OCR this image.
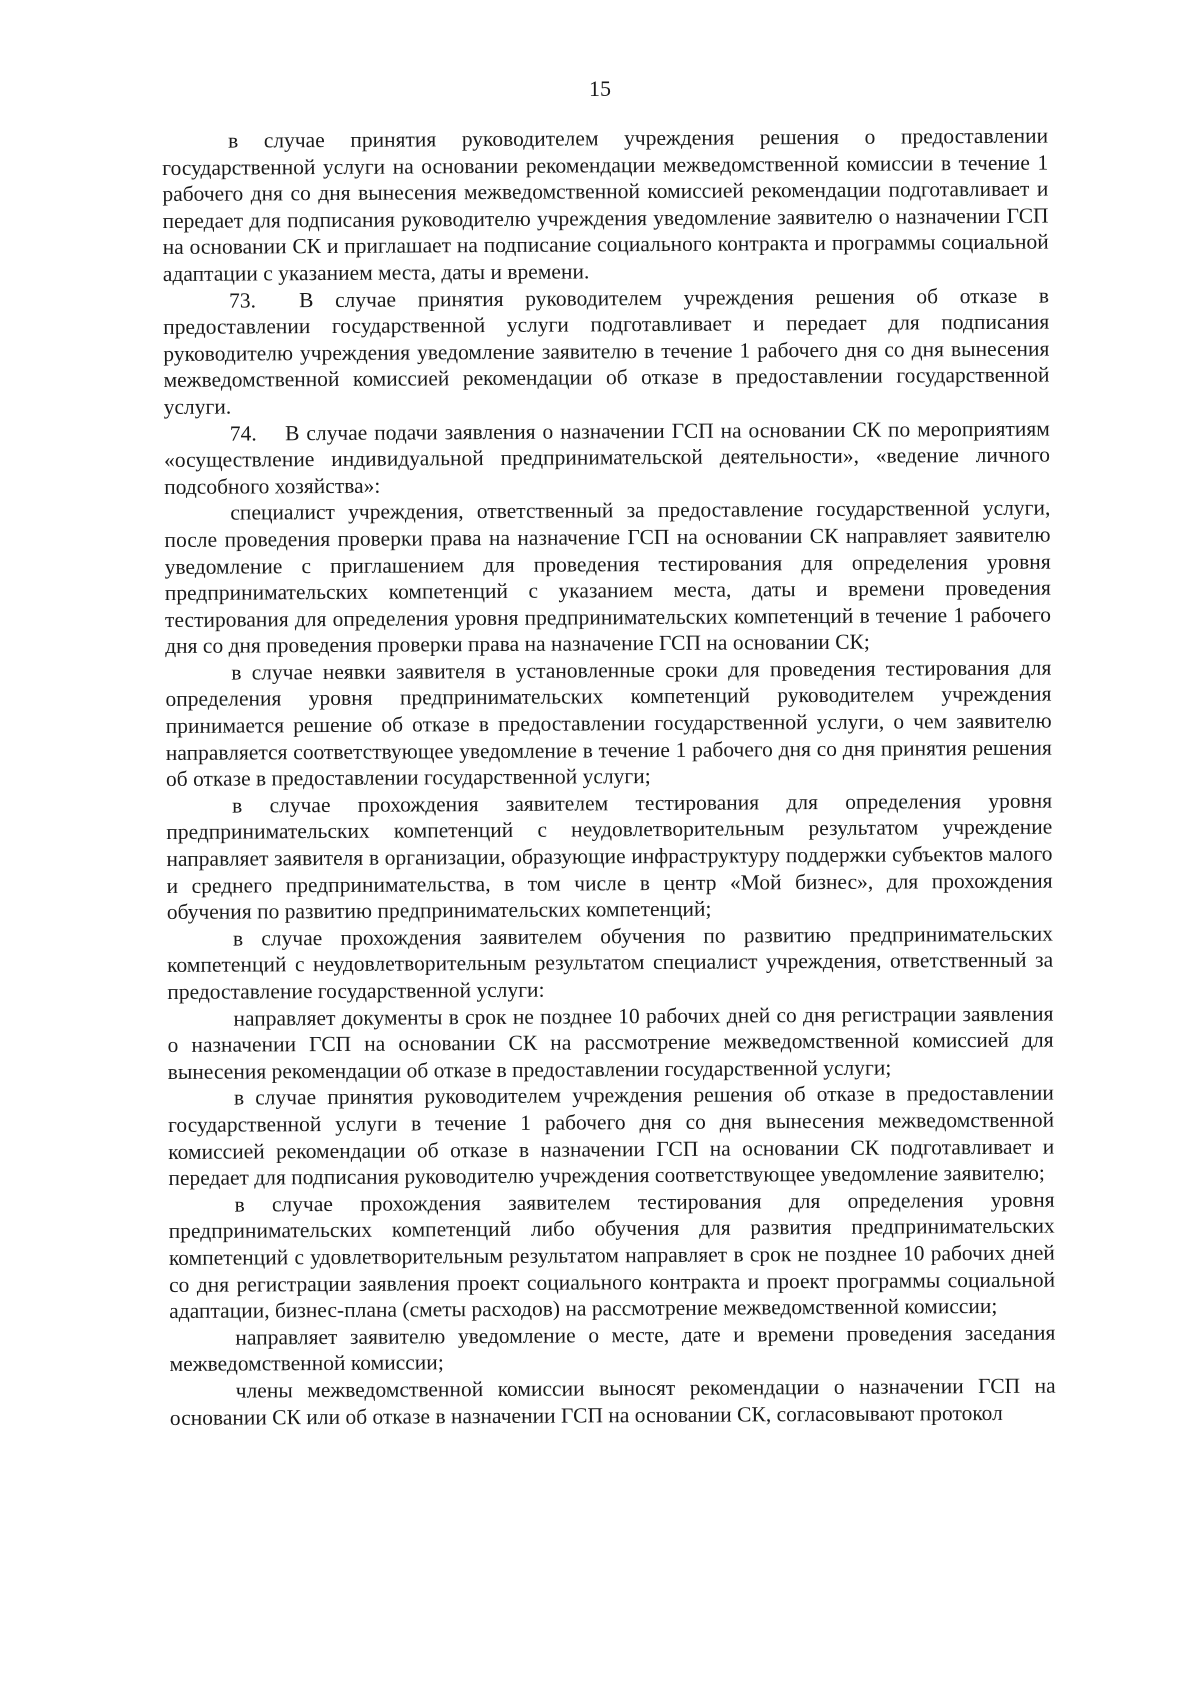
15

в случае принятия руководителем учреждения решения о предоставлении государственной услуги на основании рекомендации межведомственной комиссии в течение 1 рабочего дня со дня вынесения межведомственной комиссией рекомендации подготавливает и передает для подписания руководителю учреждения уведомление заявителю о назначении ГСП на основании СК и приглашает на подписание социального контракта и программы социальной адаптации с указанием места, даты и времени.

73.  В случае принятия руководителем учреждения решения об отказе в предоставлении государственной услуги подготавливает и передает для подписания руководителю учреждения уведомление заявителю в течение 1 рабочего дня со дня вынесения межведомственной комиссией рекомендации об отказе в предоставлении государственной услуги.

74.  В случае подачи заявления о назначении ГСП на основании СК по мероприятиям «осуществление индивидуальной предпринимательской деятельности», «ведение личного подсобного хозяйства»:

специалист учреждения, ответственный за предоставление государственной услуги, после проведения проверки права на назначение ГСП на основании СК направляет заявителю уведомление с приглашением для проведения тестирования для определения уровня предпринимательских компетенций с указанием места, даты и времени проведения тестирования для определения уровня предпринимательских компетенций в течение 1 рабочего дня со дня проведения проверки права на назначение ГСП на основании СК;

в случае неявки заявителя в установленные сроки для проведения тестирования для определения уровня предпринимательских компетенций руководителем учреждения принимается решение об отказе в предоставлении государственной услуги, о чем заявителю направляется соответствующее уведомление в течение 1 рабочего дня со дня принятия решения об отказе в предоставлении государственной услуги;

в случае прохождения заявителем тестирования для определения уровня предпринимательских компетенций с неудовлетворительным результатом учреждение направляет заявителя в организации, образующие инфраструктуру поддержки субъектов малого и среднего предпринимательства, в том числе в центр «Мой бизнес», для прохождения обучения по развитию предпринимательских компетенций;

в случае прохождения заявителем обучения по развитию предпринимательских компетенций с неудовлетворительным результатом специалист учреждения, ответственный за предоставление государственной услуги:

направляет документы в срок не позднее 10 рабочих дней со дня регистрации заявления о назначении ГСП на основании СК на рассмотрение межведомственной комиссией для вынесения рекомендации об отказе в предоставлении государственной услуги;

в случае принятия руководителем учреждения решения об отказе в предоставлении государственной услуги в течение 1 рабочего дня со дня вынесения межведомственной комиссией рекомендации об отказе в назначении ГСП на основании СК подготавливает и передает для подписания руководителю учреждения соответствующее уведомление заявителю;

в случае прохождения заявителем тестирования для определения уровня предпринимательских компетенций либо обучения для развития предпринимательских компетенций с удовлетворительным результатом направляет в срок не позднее 10 рабочих дней со дня регистрации заявления проект социального контракта и проект программы социальной адаптации, бизнес-плана (сметы расходов) на рассмотрение межведомственной комиссии;

направляет заявителю уведомление о месте, дате и времени проведения заседания межведомственной комиссии;

члены межведомственной комиссии выносят рекомендации о назначении ГСП на основании СК или об отказе в назначении ГСП на основании СК, согласовывают протокол
